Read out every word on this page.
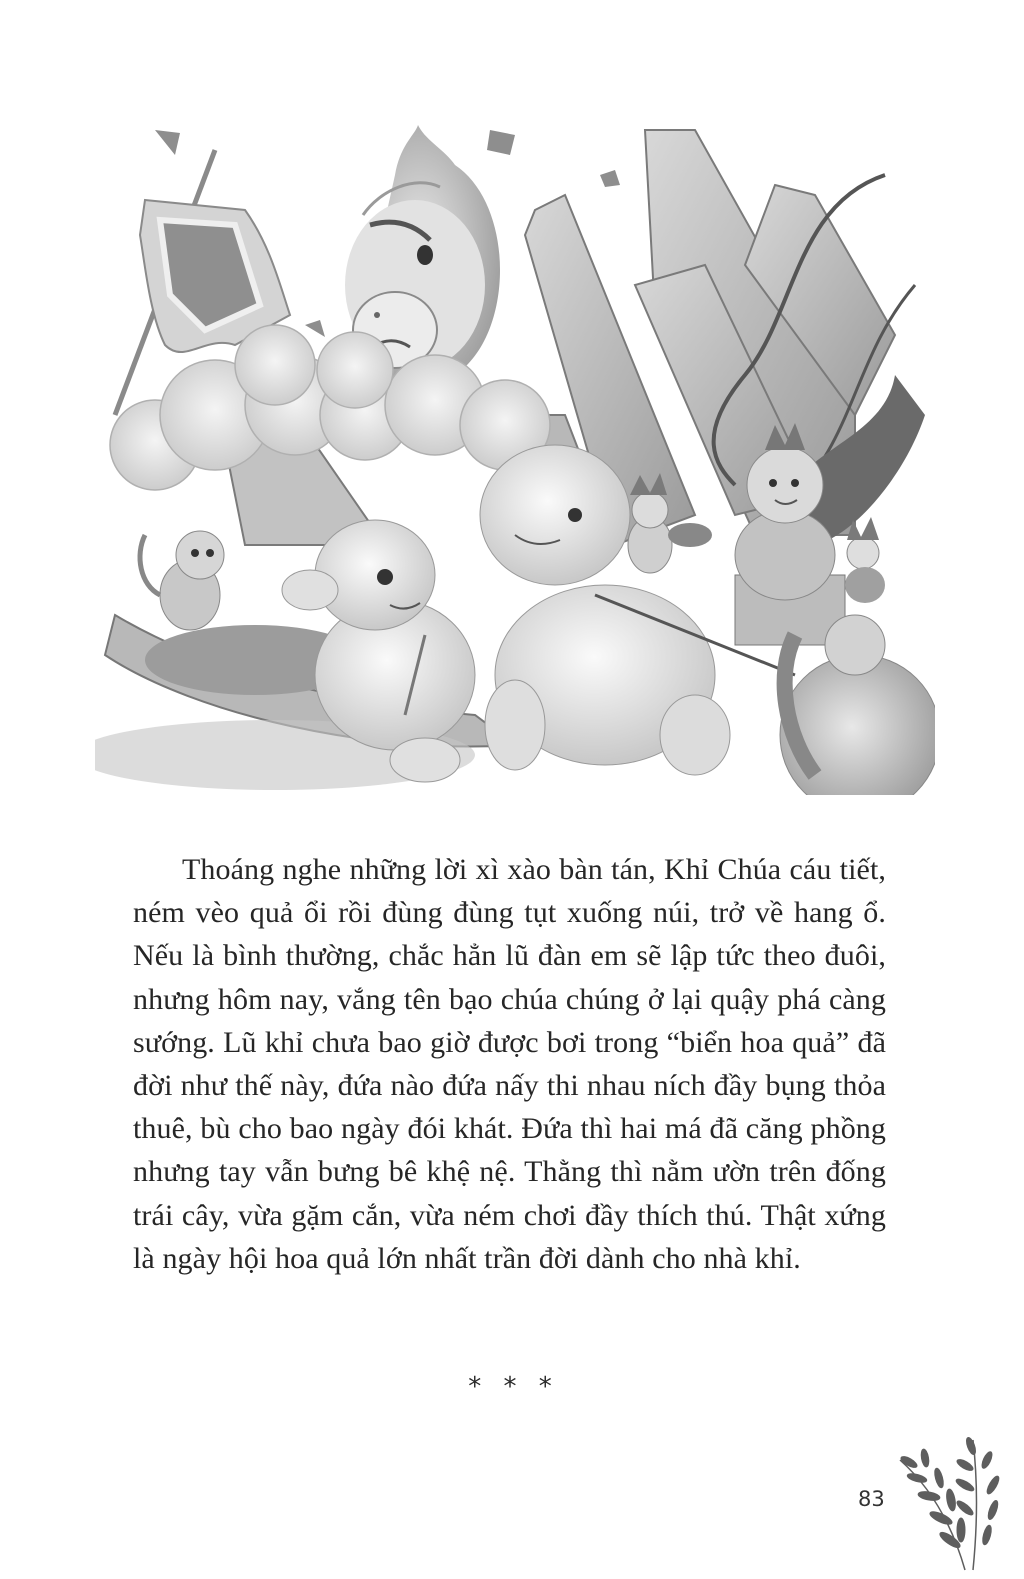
Thoáng nghe những lời xì xào bàn tán, Khỉ Chúa cáu tiết, ném vèo quả ổi rồi đùng đùng tụt xuống núi, trở về hang ổ. Nếu là bình thường, chắc hẳn lũ đàn em sẽ lập tức theo đuôi, nhưng hôm nay, vắng tên bạo chúa chúng ở lại quậy phá càng sướng. Lũ khỉ chưa bao giờ được bơi trong “biển hoa quả” đã đời như thế này, đứa nào đứa nấy thi nhau ních đầy bụng thỏa thuê, bù cho bao ngày đói khát. Đứa thì hai má đã căng phồng nhưng tay vẫn bưng bê khệ nệ. Thằng thì nằm ườn trên đống trái cây, vừa gặm cắn, vừa ném chơi đầy thích thú. Thật xứng là ngày hội hoa quả lớn nhất trần đời dành cho nhà khỉ.

* * *
83
